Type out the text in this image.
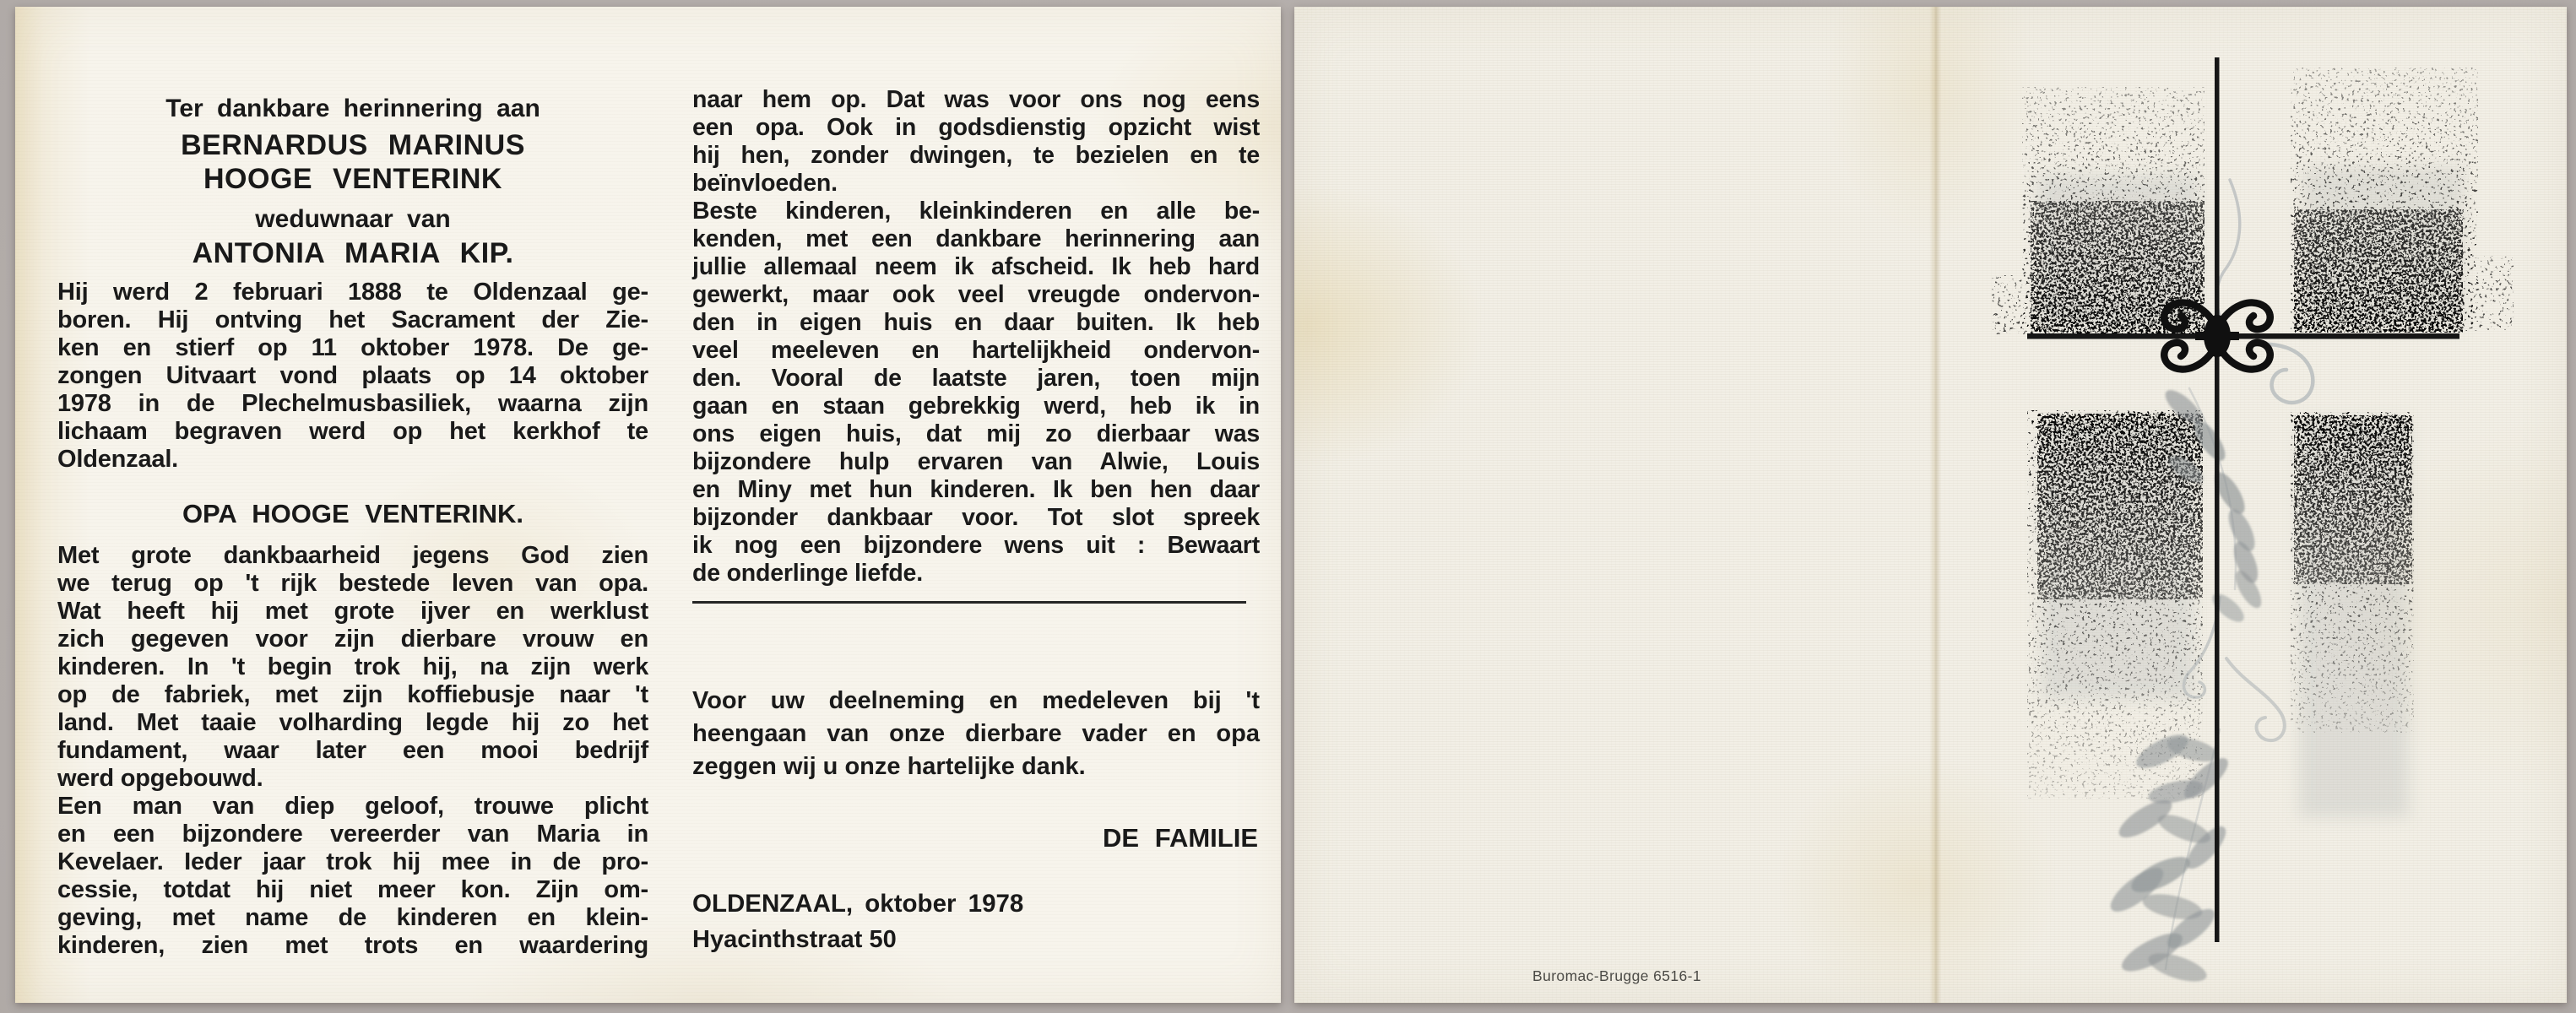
Ter dankbare herinnering aan

BERNARDUS MARINUS

HOOGE VENTERINK

weduwnaar van

ANTONIA MARIA KIP.

Hij werd 2 februari 1888 te Oldenzaal ge-
boren. Hij ontving het Sacrament der Zie-
ken en stierf op 11 oktober 1978. De ge-
zongen Uitvaart vond plaats op 14 oktober
1978 in de Plechelmusbasiliek, waarna zijn
lichaam begraven werd op het kerkhof te
Oldenzaal.
OPA HOOGE VENTERINK.
Met grote dankbaarheid jegens God zien
we terug op 't rijk bestede leven van opa.
Wat heeft hij met grote ijver en werklust
zich gegeven voor zijn dierbare vrouw en
kinderen. In 't begin trok hij, na zijn werk
op de fabriek, met zijn koffiebusje naar 't
land. Met taaie volharding legde hij zo het
fundament, waar later een mooi bedrijf
werd opgebouwd.
Een man van diep geloof, trouwe plicht
en een bijzondere vereerder van Maria in
Kevelaer. Ieder jaar trok hij mee in de pro-
cessie, totdat hij niet meer kon. Zijn om-
geving, met name de kinderen en klein-
kinderen, zien met trots en waardering
naar hem op. Dat was voor ons nog eens
een opa. Ook in godsdienstig opzicht wist
hij hen, zonder dwingen, te bezielen en te
beïnvloeden.
Beste kinderen, kleinkinderen en alle be-
kenden, met een dankbare herinnering aan
jullie allemaal neem ik afscheid. Ik heb hard
gewerkt, maar ook veel vreugde ondervon-
den in eigen huis en daar buiten. Ik heb
veel meeleven en hartelijkheid ondervon-
den. Vooral de laatste jaren, toen mijn
gaan en staan gebrekkig werd, heb ik in
ons eigen huis, dat mij zo dierbaar was
bijzondere hulp ervaren van Alwie, Louis
en Miny met hun kinderen. Ik ben hen daar
bijzonder dankbaar voor. Tot slot spreek
ik nog een bijzondere wens uit : Bewaart
de onderlinge liefde.
Voor uw deelneming en medeleven bij 't
heengaan van onze dierbare vader en opa
zeggen wij u onze hartelijke dank.

DE FAMILIE

OLDENZAAL, oktober 1978

Hyacinthstraat 50

Buromac-Brugge 6516-1
